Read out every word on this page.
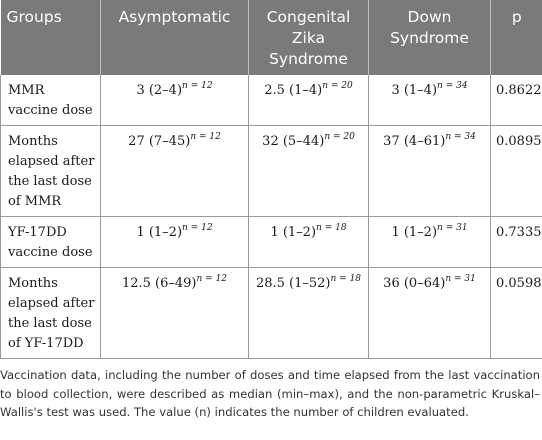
Groups	Asymptomatic	Congenital Zika Syndrome	Down Syndrome	p
MMR vaccine dose	3 $(2-4)^{n = 12}$	2.5 $(1-4)^{n = 20}$	3 $(1-4)^{n = 34}$	0.8622
Months elapsed after the last dose of MMR	27 $(7-45)^{n = 12}$	32 $(5-44)^{n = 20}$	37 $(4-61)^{n = 34}$	0.0895
YF-17DD vaccine dose	1 $(1-2)^{n = 12}$	1 $(1-2)^{n = 18}$	1 $(1-2)^{n = 31}$	0.7335
Months elapsed after the last dose of YF-17DD	12.5 $(6-49)^{n = 12}$	28.5 $(1-52)^{n = 18}$	36 $(0-64)^{n = 31}$	0.0598

Vaccination data, including the number of doses and time elapsed from the last vaccination to blood collection, were described as median (min–max), and the non-parametric Kruskal–Wallis's test was used. The value (n) indicates the number of children evaluated.
